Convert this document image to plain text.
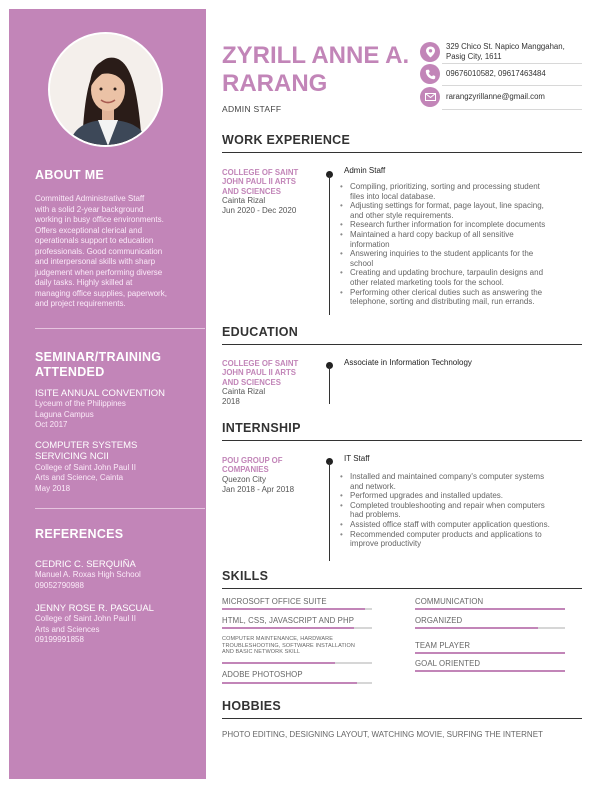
ABOUT ME
Committed Administrative Staff
with a solid 2-year background
working in busy office environments.
Offers exceptional clerical and
operationals support to education
professionals. Good communication
and interpersonal skills with sharp
judgement when performing diverse
daily tasks. Highly skilled at
managing office supplies, paperwork,
and project requirements.
SEMINAR/TRAINING
ATTENDED
ISITE ANNUAL CONVENTION
Lyceum of the Philippines
Laguna Campus
Oct 2017
COMPUTER SYSTEMS
SERVICING NCII
College of Saint John Paul II
Arts and Science, Cainta
May 2018
REFERENCES
CEDRIC C. SERQUIÑA
Manuel A. Roxas High School
09052790988
JENNY ROSE R. PASCUAL
College of Saint John Paul II
Arts and Sciences
09199991858
ZYRILL ANNE A.
RARANG
ADMIN STAFF
329 Chico St. Napico Manggahan,
Pasig City, 1611
09676010582, 09617463484
rarangzyrillanne@gmail.com
WORK EXPERIENCE
COLLEGE OF SAINT
JOHN PAUL II ARTS
AND SCIENCES
Cainta Rizal
Jun 2020 - Dec 2020
Admin Staff
• Compiling, prioritizing, sorting and processing student
files into local database.
• Adjusting settings for format, page layout, line spacing,
and other style requirements.
• Research further information for incomplete documents
• Maintained a hard copy backup of all sensitive
information
• Answering inquiries to the student applicants for the
school
• Creating and updating brochure, tarpaulin designs and
other related marketing tools for the school.
• Performing other clerical duties such as answering the
telephone, sorting and distributing mail, run errands.
EDUCATION
COLLEGE OF SAINT
JOHN PAUL II ARTS
AND SCIENCES
Cainta Rizal
2018
Associate in Information Technology
INTERNSHIP
POU GROUP OF
COMPANIES
Quezon City
Jan 2018 - Apr 2018
IT Staff
• Installed and maintained company's computer systems
and network.
• Performed upgrades and installed updates.
• Completed troubleshooting and repair when computers
had problems.
• Assisted office staff with computer application questions.
• Recommended computer products and applications to
improve productivity
SKILLS
MICROSOFT OFFICE SUITE
HTML, CSS, JAVASCRIPT AND PHP
COMPUTER MAINTENANCE, HARDWARE
TROUBLESHOOTING, SOFTWARE INSTALLATION
AND BASIC NETWORK SKILL
ADOBE PHOTOSHOP
COMMUNICATION
ORGANIZED
TEAM PLAYER
GOAL ORIENTED
HOBBIES
PHOTO EDITING, DESIGNING LAYOUT, WATCHING MOVIE, SURFING THE INTERNET
